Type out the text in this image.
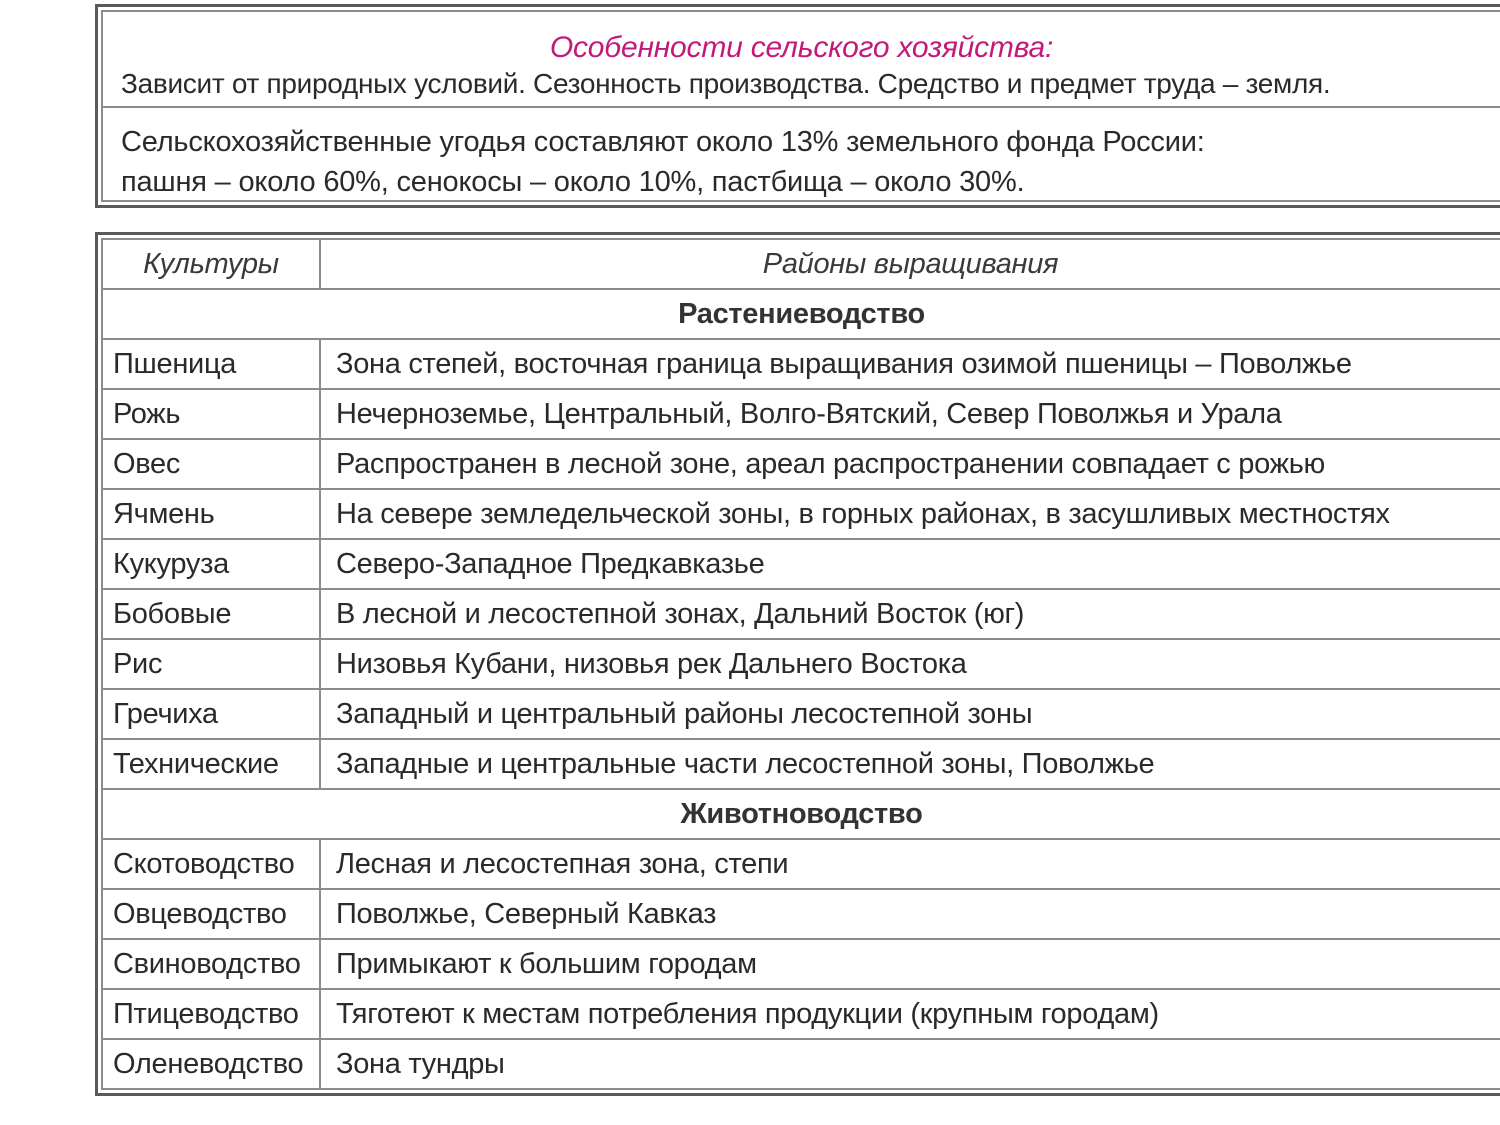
Особенности сельского хозяйства:
Зависит от природных условий. Сезонность производства. Средство и предмет труда – земля.
Сельскохозяйственные угодья составляют около 13% земельного фонда России:
пашня – около 60%, сенокосы – около 10%, пастбища – около 30%.
Культуры	Районы выращивания
Растениеводство	
Пшеница	Зона степей, восточная граница выращивания озимой пшеницы – Поволжье
Рожь	Нечерноземье, Центральный, Волго-Вятский, Север Поволжья и Урала
Овес	Распространен в лесной зоне, ареал распространении совпадает с рожью
Ячмень	На севере земледельческой зоны, в горных районах, в засушливых местностях
Кукуруза	Северо-Западное Предкавказье
Бобовые	В лесной и лесостепной зонах, Дальний Восток (юг)
Рис	Низовья Кубани, низовья рек Дальнего Востока
Гречиха	Западный и центральный районы лесостепной зоны
Технические	Западные и центральные части лесостепной зоны, Поволжье
Животноводство	
Скотоводство	Лесная и лесостепная зона, степи
Овцеводство	Поволжье, Северный Кавказ
Свиноводство	Примыкают к большим городам
Птицеводство	Тяготеют к местам потребления продукции (крупным городам)
Оленеводство	Зона тундры
